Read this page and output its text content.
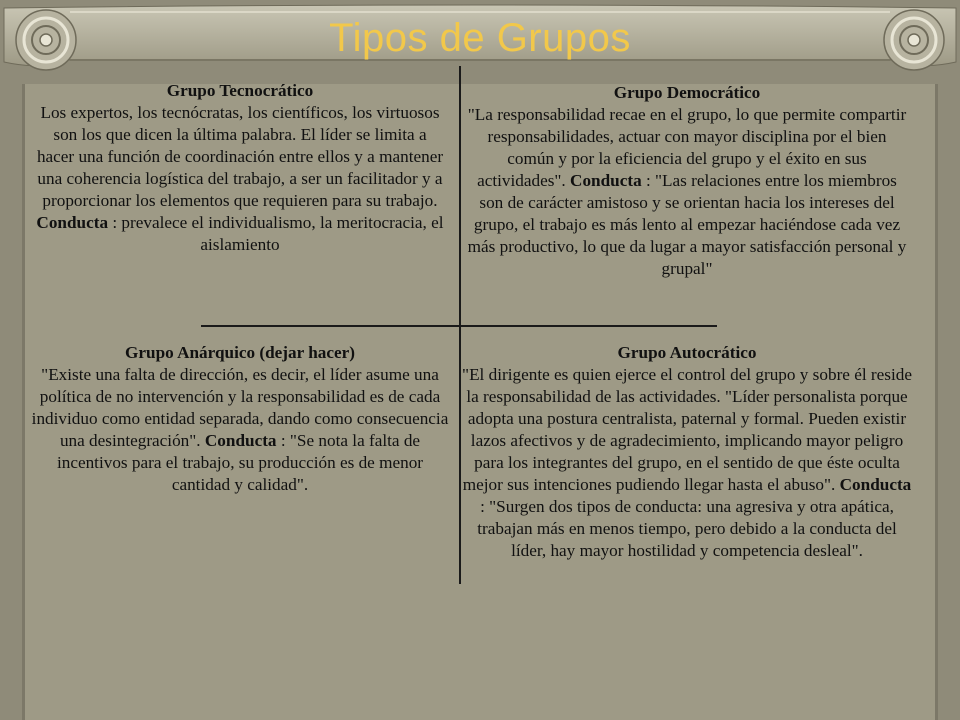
Tipos de Grupos
Grupo Tecnocrático
Los expertos, los tecnócratas, los científicos, los virtuosos son los que dicen la última palabra. El líder se limita a hacer una función de coordinación entre ellos y a mantener una coherencia logística del trabajo, a ser un facilitador y a proporcionar los elementos que requieren para su trabajo. Conducta : prevalece el individualismo, la meritocracia, el aislamiento
Grupo Democrático
"La responsabilidad recae en el grupo, lo que permite compartir responsabilidades, actuar con mayor disciplina por el bien común y por la eficiencia del grupo y el éxito en sus actividades". Conducta : "Las relaciones entre los miembros son de carácter amistoso y se orientan hacia los intereses del grupo, el trabajo es más lento al empezar haciéndose cada vez más productivo, lo que da lugar a mayor satisfacción personal y grupal"
Grupo Anárquico (dejar hacer)
"Existe una falta de dirección, es decir, el líder asume una política de no intervención y la responsabilidad es de cada individuo como entidad separada, dando como consecuencia una desintegración". Conducta : "Se nota la falta de incentivos para el trabajo, su producción es de menor cantidad y calidad".
Grupo Autocrático
"El dirigente es quien ejerce el control del grupo y sobre él reside la responsabilidad de las actividades. "Líder personalista porque adopta una postura centralista, paternal y formal. Pueden existir lazos afectivos y de agradecimiento, implicando mayor peligro para los integrantes del grupo, en el sentido de que éste oculta mejor sus intenciones pudiendo llegar hasta el abuso". Conducta : "Surgen dos tipos de conducta: una agresiva y otra apática, trabajan más en menos tiempo, pero debido a la conducta del líder, hay mayor hostilidad y competencia desleal".
